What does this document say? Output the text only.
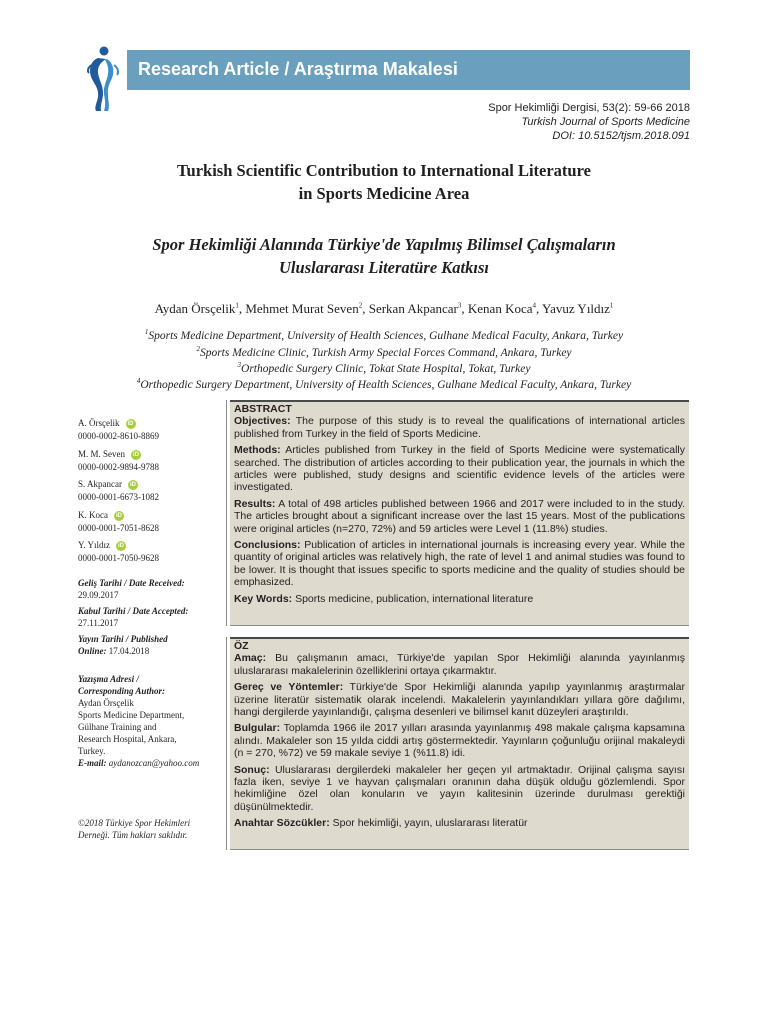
Research Article / Araştırma Makalesi
Spor Hekimliği Dergisi, 53(2): 59-66 2018
Turkish Journal of Sports Medicine
DOI: 10.5152/tjsm.2018.091
Turkish Scientific Contribution to International Literature
in Sports Medicine Area
Spor Hekimliği Alanında Türkiye'de Yapılmış Bilimsel Çalışmaların
Uluslararası Literatüre Katkısı
Aydan Örsçelik$^1$, Mehmet Murat Seven$^2$, Serkan Akpancar$^3$, Kenan Koca$^4$, Yavuz Yıldız$^1$
$^1$Sports Medicine Department, University of Health Sciences, Gulhane Medical Faculty, Ankara, Turkey
$^2$Sports Medicine Clinic, Turkish Army Special Forces Command, Ankara, Turkey
$^3$Orthopedic Surgery Clinic, Tokat State Hospital, Tokat, Turkey
$^4$Orthopedic Surgery Department, University of Health Sciences, Gulhane Medical Faculty, Ankara, Turkey
A. Örsçelik iD
0000-0002-8610-8869
M. M. Seven iD
0000-0002-9894-9788
S. Akpancar iD
0000-0001-6673-1082
K. Koca iD
0000-0001-7051-8628
Y. Yıldız iD
0000-0001-7050-9628
Geliş Tarihi / Date Received:
29.09.2017
Kabul Tarihi / Date Accepted:
27.11.2017
Yayın Tarihi / Published
Online: 17.04.2018
Yazışma Adresi /
Corresponding Author:
Aydan Örsçelik
Sports Medicine Department,
Gülhane Training and
Research Hospital, Ankara,
Turkey.
E-mail: aydanozcan@yahoo.com
©2018 Türkiye Spor Hekimleri
Derneği. Tüm hakları saklıdır.
ABSTRACT

Objectives: The purpose of this study is to reveal the qualifications of international articles published from Turkey in the field of Sports Medicine.

Methods: Articles published from Turkey in the field of Sports Medicine were systematically searched. The distribution of articles according to their publication year, the journals in which the articles were published, study designs and scientific evidence levels of the articles were investigated.

Results: A total of 498 articles published between 1966 and 2017 were included to in the study. The articles brought about a significant increase over the last 15 years. Most of the publications were original articles (n=270, 72%) and 59 articles were Level 1 (11.8%) studies.

Conclusions: Publication of articles in international journals is increasing every year. While the quantity of original articles was relatively high, the rate of level 1 and animal studies was found to be lower. It is thought that issues specific to sports medicine and the quality of studies should be emphasized.

Key Words: Sports medicine, publication, international literature

ÖZ

Amaç: Bu çalışmanın amacı, Türkiye'de yapılan Spor Hekimliği alanında yayınlanmış uluslararası makalelerinin özelliklerini ortaya çıkarmaktır.

Gereç ve Yöntemler: Türkiye'de Spor Hekimliği alanında yapılıp yayınlanmış araştırmalar üzerine literatür sistematik olarak incelendi. Makalelerin yayınlandıkları yıllara göre dağılımı, hangi dergilerde yayınlandığı, çalışma desenleri ve bilimsel kanıt düzeyleri araştırıldı.

Bulgular: Toplamda 1966 ile 2017 yılları arasında yayınlanmış 498 makale çalışma kapsamına alındı. Makaleler son 15 yılda ciddi artış göstermektedir. Yayınların çoğunluğu orijinal makaleydi (n = 270, %72) ve 59 makale seviye 1 (%11.8) idi.

Sonuç: Uluslararası dergilerdeki makaleler her geçen yıl artmaktadır. Orijinal çalışma sayısı fazla iken, seviye 1 ve hayvan çalışmaları oranının daha düşük olduğu gözlemlendi. Spor hekimliğine özel olan konuların ve yayın kalitesinin üzerinde durulması gerektiği düşünülmektedir.

Anahtar Sözcükler: Spor hekimliği, yayın, uluslararası literatür
